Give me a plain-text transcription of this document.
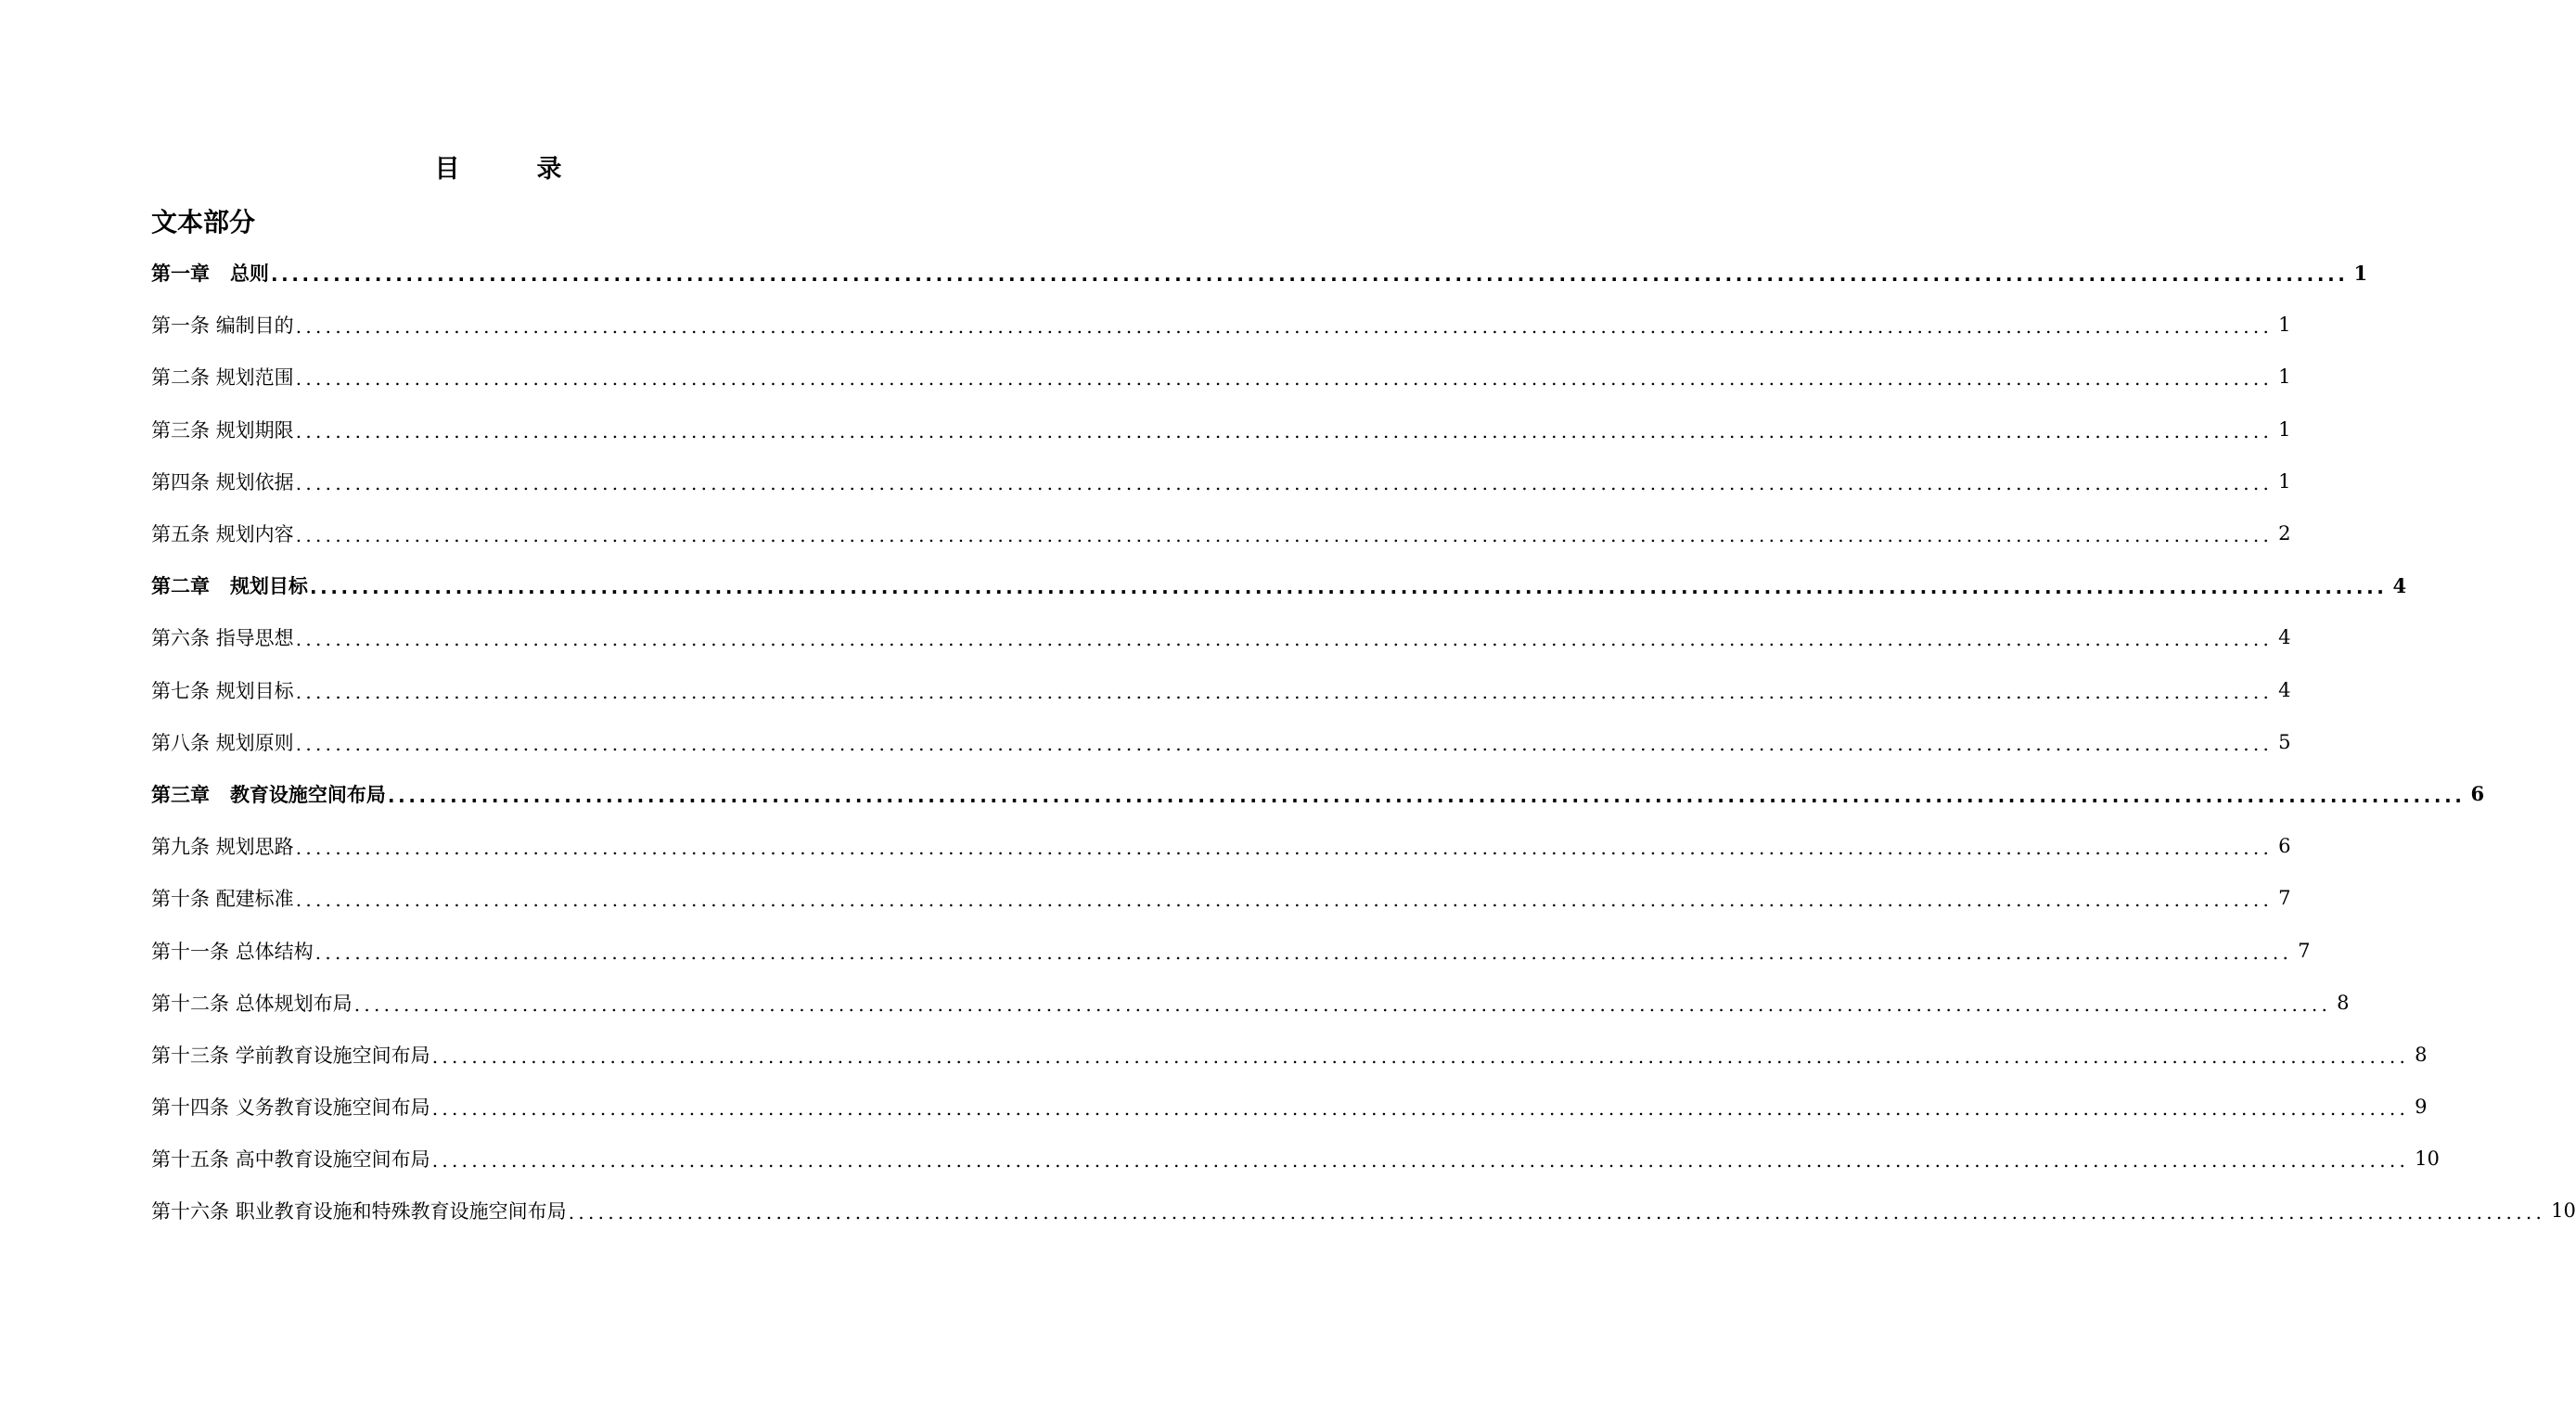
目　录
文本部分
第一章 总则 ........................................................................................................................................................................................................ 1
第一条 编制目的 ........................................................................................................................................................................................................ 1
第二条 规划范围 ........................................................................................................................................................................................................ 1
第三条 规划期限 ........................................................................................................................................................................................................ 1
第四条 规划依据 ........................................................................................................................................................................................................ 1
第五条 规划内容 ........................................................................................................................................................................................................ 2
第二章 规划目标 ........................................................................................................................................................................................................ 4
第六条 指导思想 ........................................................................................................................................................................................................ 4
第七条 规划目标 ........................................................................................................................................................................................................ 4
第八条 规划原则 ........................................................................................................................................................................................................ 5
第三章 教育设施空间布局 ........................................................................................................................................................................................................ 6
第九条 规划思路 ........................................................................................................................................................................................................ 6
第十条 配建标准 ........................................................................................................................................................................................................ 7
第十一条 总体结构 ........................................................................................................................................................................................................ 7
第十二条 总体规划布局 ........................................................................................................................................................................................................ 8
第十三条 学前教育设施空间布局 ........................................................................................................................................................................................................ 8
第十四条 义务教育设施空间布局 ........................................................................................................................................................................................................ 9
第十五条 高中教育设施空间布局 ........................................................................................................................................................................................................ 10
第十六条 职业教育设施和特殊教育设施空间布局 ........................................................................................................................................................................................................ 10
